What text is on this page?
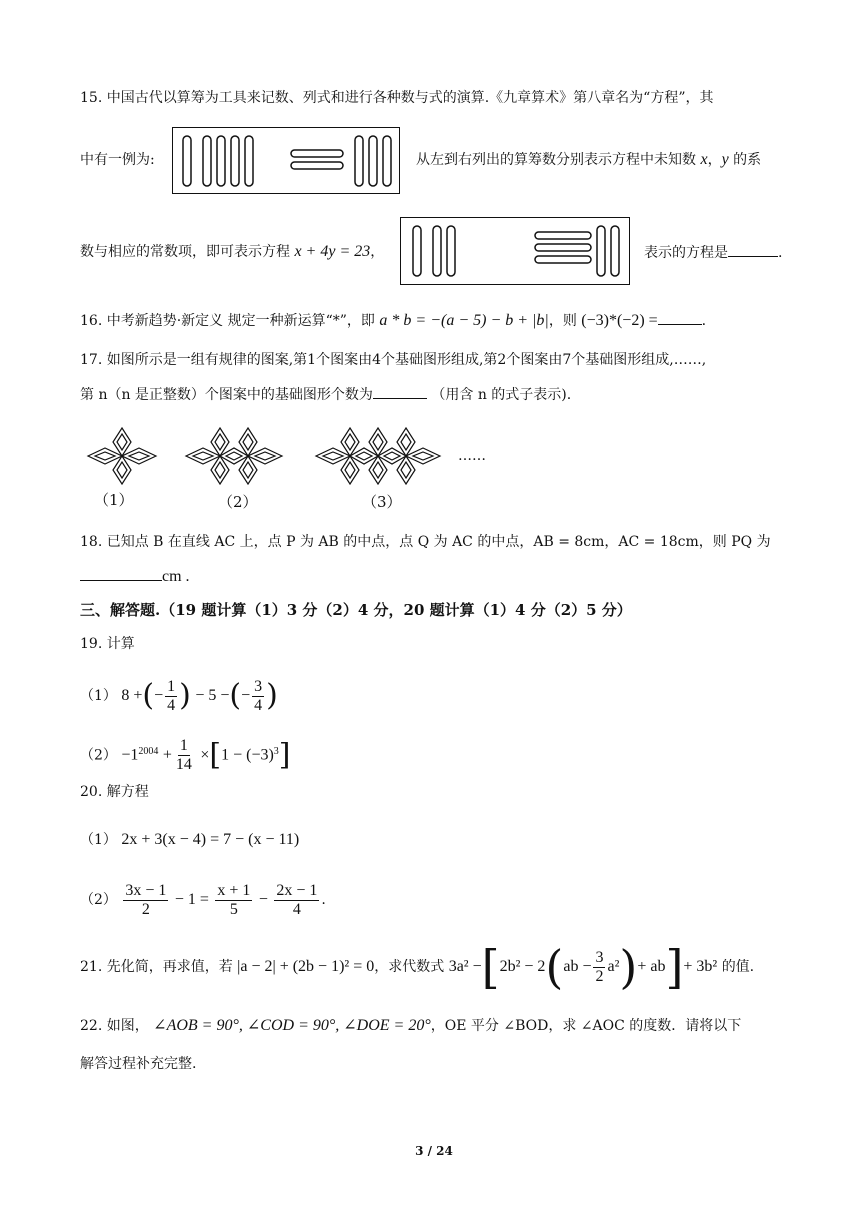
15. 中国古代以算筹为工具来记数、列式和进行各种数与式的演算.《九章算术》第八章名为“方程”，其
中有一例为:	从左到右列出的算筹数分别表示方程中未知数 x，y 的系
数与相应的常数项，即可表示方程 x + 4y = 23，	表示的方程是	.
16. 中考新趋势·新定义 规定一种新运算“*”，即 a * b = −(a − 5) − b + |b|，则 (−3)*(−2) =	.
17. 如图所示是一组有规律的图案,第1个图案由4个基础图形组成,第2个图案由7个基础图形组成,……,
第 n（n 是正整数）个图案中的基础图形个数为	（用含 n 的式子表示).
……
（1）	（2）	（3）
18. 已知点 B 在直线 AC 上，点 P 为 AB 的中点，点 Q 为 AC 的中点，AB = 8cm，AC = 18cm，则 PQ 为
cm .
三、解答题.（19 题计算（1）3 分（2）4 分，20 题计算（1）4 分（2）5 分）
19. 计算
（1） 8 +(− $\frac{1}{4}$ ) − 5 −(− $\frac{3}{4}$ )
$(2) -1^{2004} + \frac{1}{14} \times[1 - (-3)^3]$
20. 解方程
（1） 2x + 3(x − 4) = 7 − (x − 11)
$(2) \frac{3x - 1}{2} - 1 = \frac{x + 1}{5} - \frac{2x - 1}{4}$ .
21. 先化简，再求值，若 |a − 2| + (2b − 1)² = 0，求代数式 $3a^2 -[2b^2 - 2(ab - \frac{3}{2} a^2)+ ab]+ 3b^2$ 的值.
22. 如图， ∠AOB = 90°, ∠COD = 90°, ∠DOE = 20°，OE 平分 ∠BOD，求 ∠AOC 的度数．请将以下
解答过程补充完整.
3 / 24
